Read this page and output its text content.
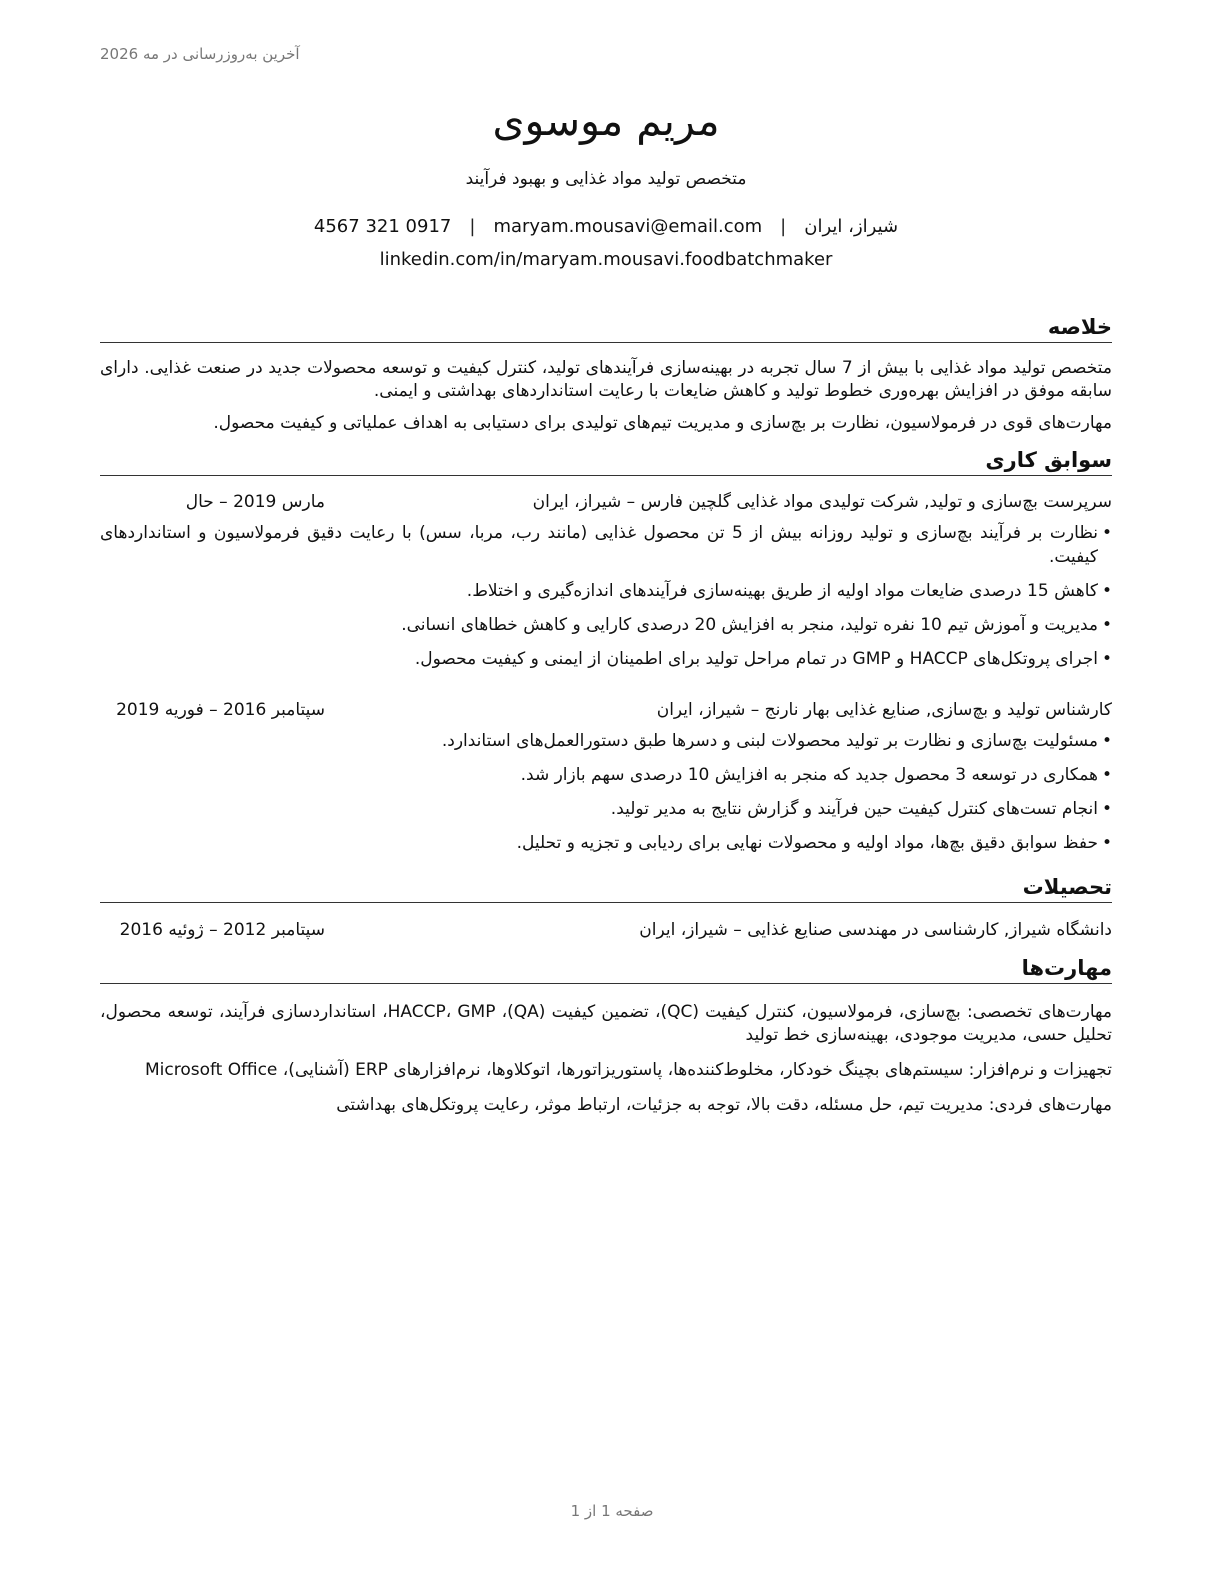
آخرین به‌روزرسانی در مه 2026
مریم موسوی
متخصص تولید مواد غذایی و بهبود فرآیند
شیراز، ایران
|
maryam.mousavi@email.com
|
0917 321 4567
linkedin.com/in/maryam.mousavi.foodbatchmaker
خلاصه
متخصص تولید مواد غذایی با بیش از 7 سال تجربه در بهینه‌سازی فرآیندهای تولید، کنترل کیفیت و توسعه محصولات جدید در صنعت غذایی. دارای سابقه موفق در افزایش بهره‌وری خطوط تولید و کاهش ضایعات با رعایت استانداردهای بهداشتی و ایمنی.
مهارت‌های قوی در فرمولاسیون، نظارت بر بچ‌سازی و مدیریت تیم‌های تولیدی برای دستیابی به اهداف عملیاتی و کیفیت محصول.
سوابق کاری
سرپرست بچ‌سازی و تولید, شرکت تولیدی مواد غذایی گلچین فارس – شیراز، ایران
مارس 2019 – حال
• نظارت بر فرآیند بچ‌سازی و تولید روزانه بیش از 5 تن محصول غذایی (مانند رب، مربا، سس) با رعایت دقیق فرمولاسیون و استانداردهای کیفیت.
• کاهش 15 درصدی ضایعات مواد اولیه از طریق بهینه‌سازی فرآیندهای اندازه‌گیری و اختلاط.
• مدیریت و آموزش تیم 10 نفره تولید، منجر به افزایش 20 درصدی کارایی و کاهش خطاهای انسانی.
• اجرای پروتکل‌های HACCP و GMP در تمام مراحل تولید برای اطمینان از ایمنی و کیفیت محصول.
کارشناس تولید و بچ‌سازی, صنایع غذایی بهار نارنج – شیراز، ایران
سپتامبر 2016 – فوریه 2019
• مسئولیت بچ‌سازی و نظارت بر تولید محصولات لبنی و دسرها طبق دستورالعمل‌های استاندارد.
• همکاری در توسعه 3 محصول جدید که منجر به افزایش 10 درصدی سهم بازار شد.
• انجام تست‌های کنترل کیفیت حین فرآیند و گزارش نتایج به مدیر تولید.
• حفظ سوابق دقیق بچ‌ها، مواد اولیه و محصولات نهایی برای ردیابی و تجزیه و تحلیل.
تحصیلات
دانشگاه شیراز, کارشناسی در مهندسی صنایع غذایی – شیراز، ایران
سپتامبر 2012 – ژوئیه 2016
مهارت‌ها
مهارت‌های تخصصی: بچ‌سازی، فرمولاسیون، کنترل کیفیت (QC)، تضمین کیفیت (QA)، HACCP، GMP، استانداردسازی فرآیند، توسعه محصول، تحلیل حسی، مدیریت موجودی، بهینه‌سازی خط تولید
تجهیزات و نرم‌افزار: سیستم‌های بچینگ خودکار، مخلوط‌کننده‌ها، پاستوریزاتورها، اتوکلاوها، نرم‌افزارهای ERP (آشنایی)، Microsoft Office
مهارت‌های فردی: مدیریت تیم، حل مسئله، دقت بالا، توجه به جزئیات، ارتباط موثر، رعایت پروتکل‌های بهداشتی
صفحه 1 از 1
